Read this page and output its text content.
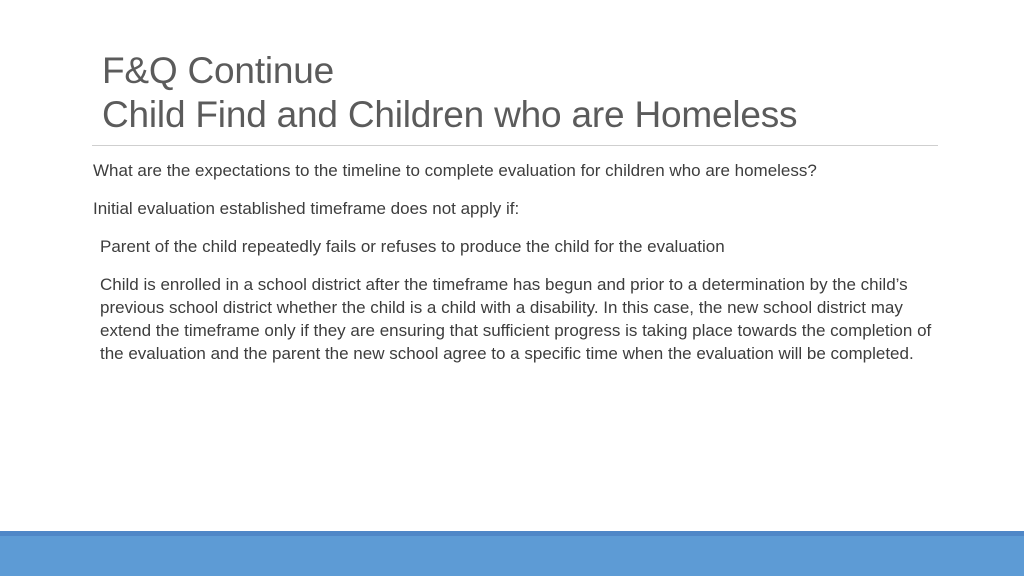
F&Q Continue
Child Find and Children who are Homeless

What are the expectations to the timeline to complete evaluation for children who are homeless?

Initial evaluation established timeframe does not apply if:

Parent of the child repeatedly fails or refuses to produce the child for the evaluation

Child is enrolled in a school district after the timeframe has begun and prior to a determination by the child’s previous school district whether the child is a child with a disability. In this case, the new school district may extend the timeframe only if they are ensuring that sufficient progress is taking place towards the completion of the evaluation and the parent the new school agree to a specific time when the evaluation will be completed.
